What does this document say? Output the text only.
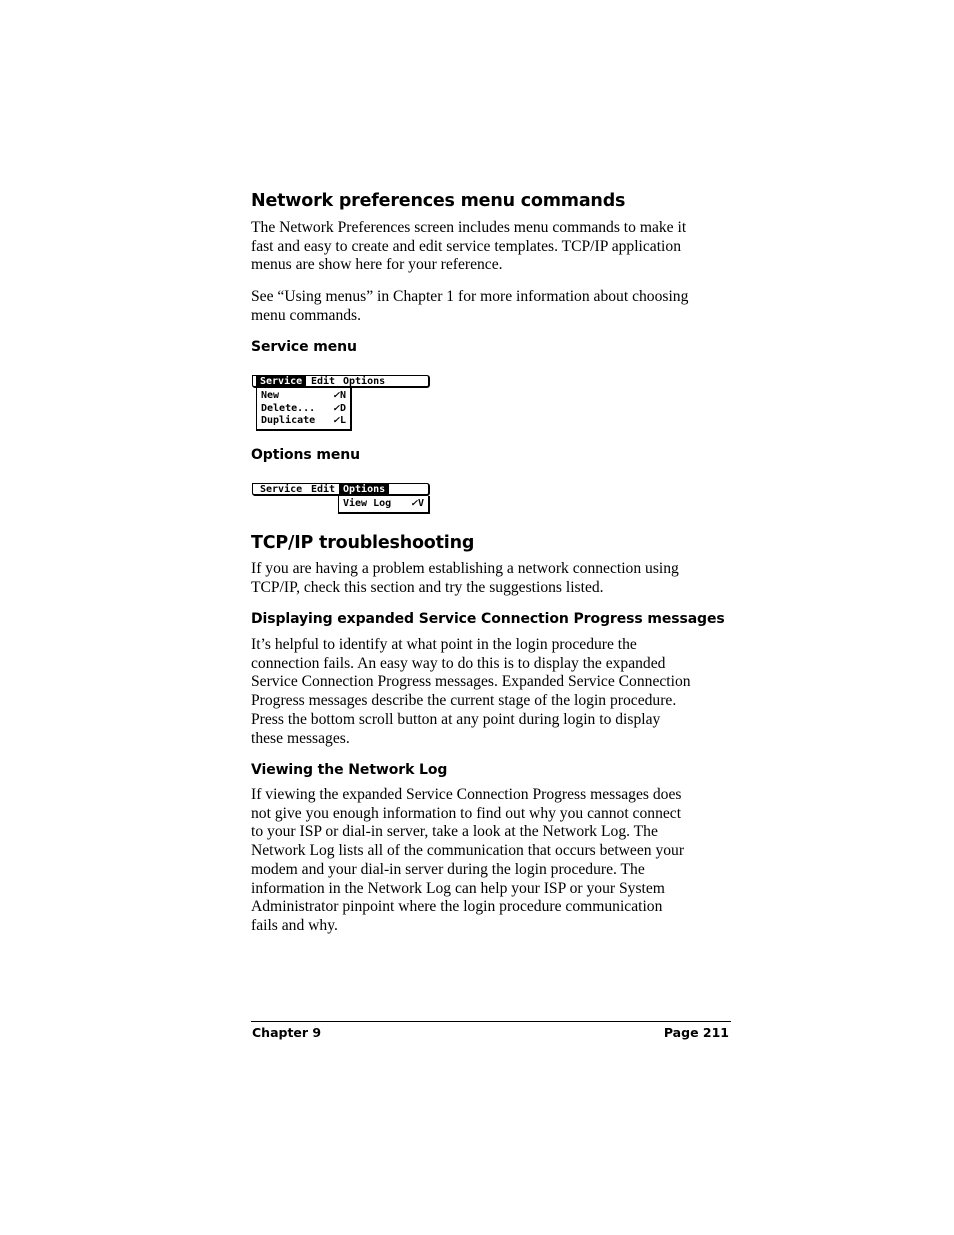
Network preferences menu commands

The Network Preferences screen includes menu commands to make it
fast and easy to create and edit service templates. TCP/IP application
menus are show here for your reference.

See “Using menus” in Chapter 1 for more information about choosing
menu commands.

Service menu
Service Edit Options
New	✓N
Delete... ✓D
Duplicate ✓L
Options menu
Service Edit Options
View Log ✓V
TCP/IP troubleshooting

If you are having a problem establishing a network connection using
TCP/IP, check this section and try the suggestions listed.

Displaying expanded Service Connection Progress messages

It’s helpful to identify at what point in the login procedure the
connection fails. An easy way to do this is to display the expanded
Service Connection Progress messages. Expanded Service Connection
Progress messages describe the current stage of the login procedure.
Press the bottom scroll button at any point during login to display
these messages.

Viewing the Network Log

If viewing the expanded Service Connection Progress messages does
not give you enough information to find out why you cannot connect
to your ISP or dial-in server, take a look at the Network Log. The
Network Log lists all of the communication that occurs between your
modem and your dial-in server during the login procedure. The
information in the Network Log can help your ISP or your System
Administrator pinpoint where the login procedure communication
fails and why.

Chapter 9	Page 211
